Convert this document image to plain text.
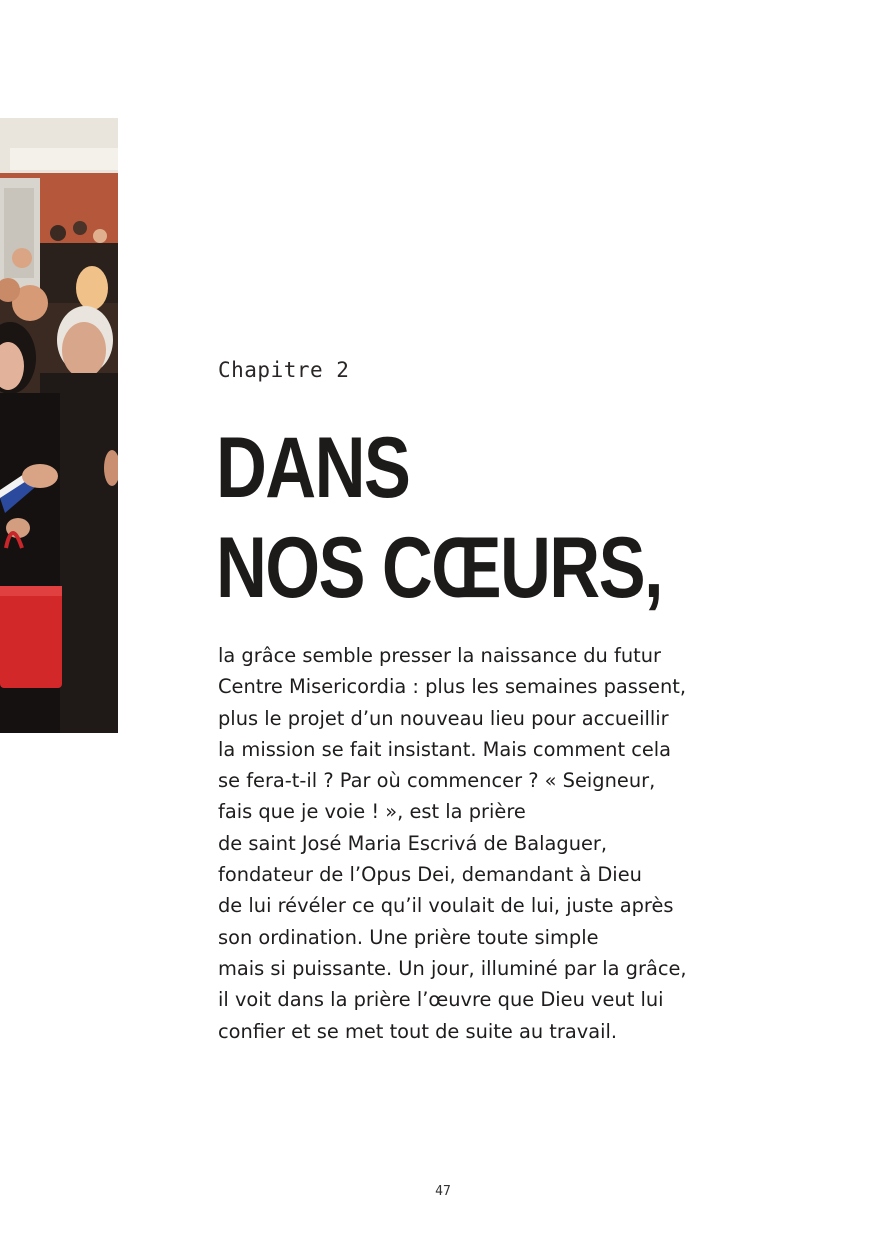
Chapitre 2
DANS
NOS CŒURS,
la grâce semble presser la naissance du futur
Centre Misericordia : plus les semaines passent,
plus le projet d’un nouveau lieu pour accueillir
la mission se fait insistant. Mais comment cela
se fera-t-il ? Par où commencer ? « Seigneur,
fais que je voie ! », est la prière
de saint José Maria Escrivá de Balaguer,
fondateur de l’Opus Dei, demandant à Dieu
de lui révéler ce qu’il voulait de lui, juste après
son ordination. Une prière toute simple
mais si puissante. Un jour, illuminé par la grâce,
il voit dans la prière l’œuvre que Dieu veut lui
confier et se met tout de suite au travail.
47
